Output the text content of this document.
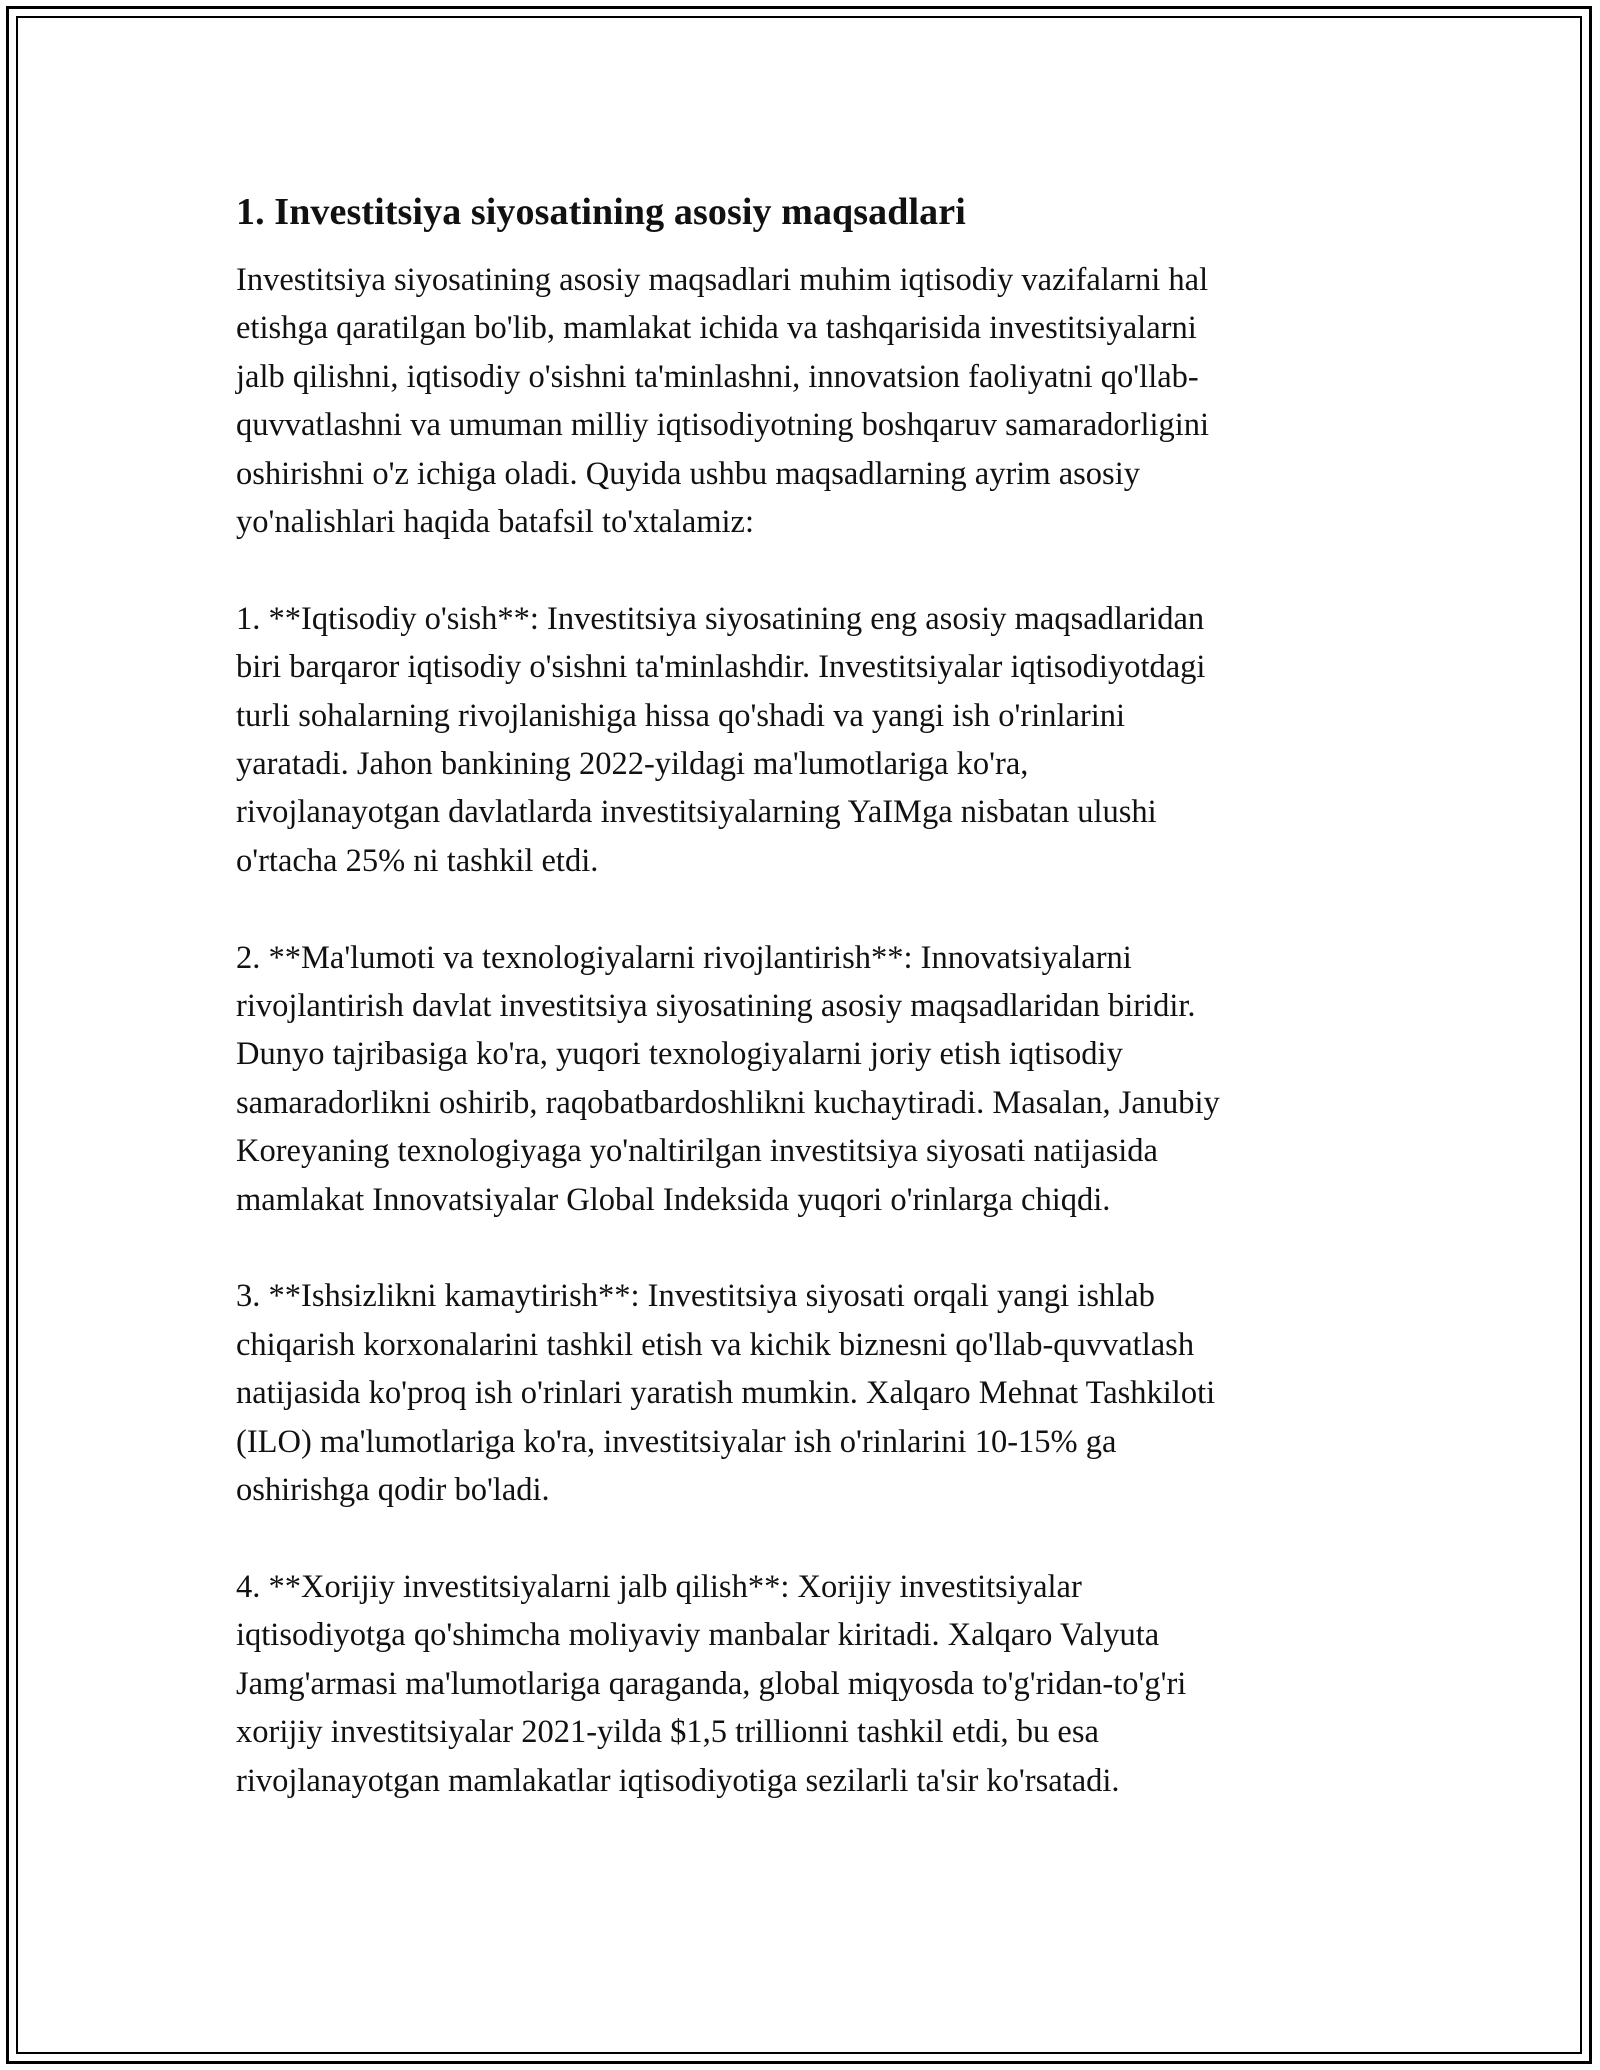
1. Investitsiya siyosatining asosiy maqsadlari

Investitsiya siyosatining asosiy maqsadlari muhim iqtisodiy vazifalarni hal
etishga qaratilgan bo'lib, mamlakat ichida va tashqarisida investitsiyalarni
jalb qilishni, iqtisodiy o'sishni ta'minlashni, innovatsion faoliyatni qo'llab-
quvvatlashni va umuman milliy iqtisodiyotning boshqaruv samaradorligini
oshirishni o'z ichiga oladi. Quyida ushbu maqsadlarning ayrim asosiy
yo'nalishlari haqida batafsil to'xtalamiz:

1. **Iqtisodiy o'sish**: Investitsiya siyosatining eng asosiy maqsadlaridan
biri barqaror iqtisodiy o'sishni ta'minlashdir. Investitsiyalar iqtisodiyotdagi
turli sohalarning rivojlanishiga hissa qo'shadi va yangi ish o'rinlarini
yaratadi. Jahon bankining 2022-yildagi ma'lumotlariga ko'ra,
rivojlanayotgan davlatlarda investitsiyalarning YaIMga nisbatan ulushi
o'rtacha 25% ni tashkil etdi.

2. **Ma'lumoti va texnologiyalarni rivojlantirish**: Innovatsiyalarni
rivojlantirish davlat investitsiya siyosatining asosiy maqsadlaridan biridir.
Dunyo tajribasiga ko'ra, yuqori texnologiyalarni joriy etish iqtisodiy
samaradorlikni oshirib, raqobatbardoshlikni kuchaytiradi. Masalan, Janubiy
Koreyaning texnologiyaga yo'naltirilgan investitsiya siyosati natijasida
mamlakat Innovatsiyalar Global Indeksida yuqori o'rinlarga chiqdi.

3. **Ishsizlikni kamaytirish**: Investitsiya siyosati orqali yangi ishlab
chiqarish korxonalarini tashkil etish va kichik biznesni qo'llab-quvvatlash
natijasida ko'proq ish o'rinlari yaratish mumkin. Xalqaro Mehnat Tashkiloti
(ILO) ma'lumotlariga ko'ra, investitsiyalar ish o'rinlarini 10-15% ga
oshirishga qodir bo'ladi.

4. **Xorijiy investitsiyalarni jalb qilish**: Xorijiy investitsiyalar
iqtisodiyotga qo'shimcha moliyaviy manbalar kiritadi. Xalqaro Valyuta
Jamg'armasi ma'lumotlariga qaraganda, global miqyosda to'g'ridan-to'g'ri
xorijiy investitsiyalar 2021-yilda $1,5 trillionni tashkil etdi, bu esa
rivojlanayotgan mamlakatlar iqtisodiyotiga sezilarli ta'sir ko'rsatadi.
